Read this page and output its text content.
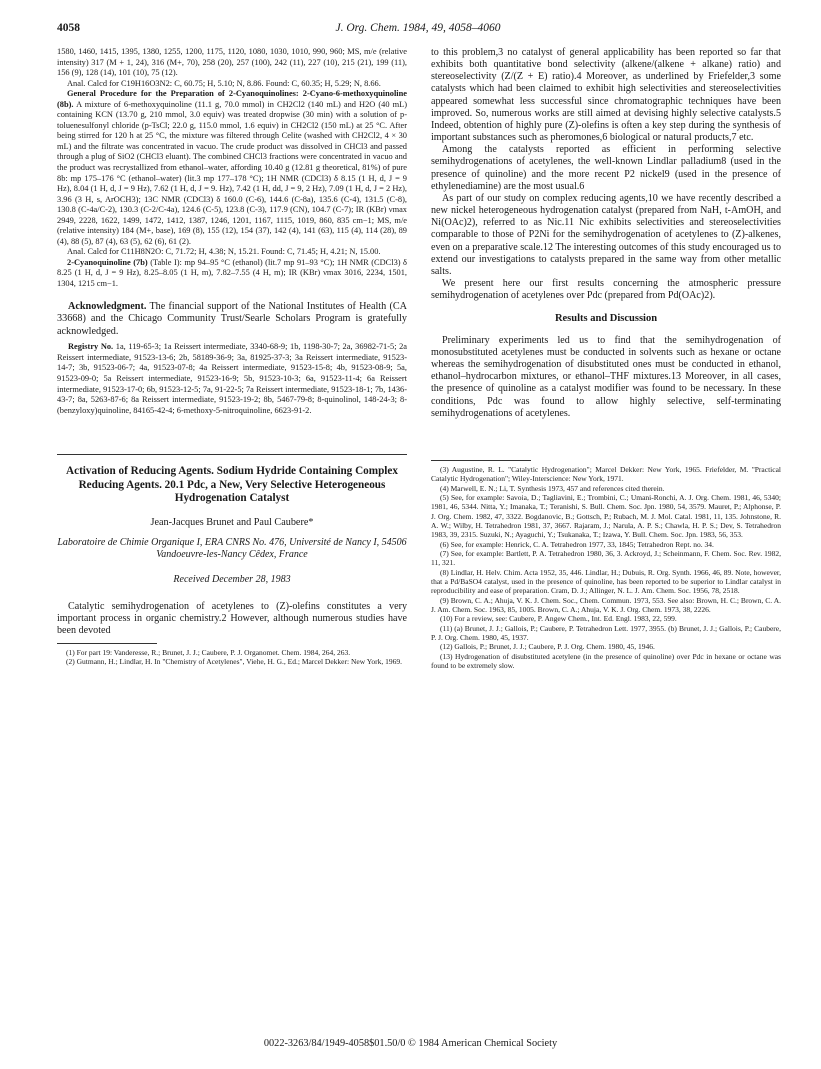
4058	J. Org. Chem. 1984, 49, 4058–4060

1580, 1460, 1415, 1395, 1380, 1255, 1200, 1175, 1120, 1080, 1030, 1010, 990, 960; MS, m/e (relative intensity) 317 (M + 1, 24), 316 (M+, 70), 258 (20), 257 (100), 242 (11), 227 (10), 215 (21), 199 (11), 156 (9), 128 (14), 101 (10), 75 (12).

Anal. Calcd for C19H16O3N2: C, 60.75; H, 5.10; N, 8.86. Found: C, 60.35; H, 5.29; N, 8.66.

General Procedure for the Preparation of 2-Cyanoquinolines: 2-Cyano-6-methoxyquinoline (8b). A mixture of 6-methoxyquinoline (11.1 g, 70.0 mmol) in CH2Cl2 (140 mL) and H2O (40 mL) containing KCN (13.70 g, 210 mmol, 3.0 equiv) was treated dropwise (30 min) with a solution of p-toluenesulfonyl chloride (p-TsCl; 22.0 g, 115.0 mmol, 1.6 equiv) in CH2Cl2 (150 mL) at 25 °C. After being stirred for 120 h at 25 °C, the mixture was filtered through Celite (washed with CH2Cl2, 4 × 30 mL) and the filtrate was concentrated in vacuo. The crude product was dissolved in CHCl3 and passed through a plug of SiO2 (CHCl3 eluant). The combined CHCl3 fractions were concentrated in vacuo and the product was recrystallized from ethanol–water, affording 10.40 g (12.81 g theoretical, 81%) of pure 8b: mp 175–176 °C (ethanol–water) (lit.3 mp 177–178 °C); 1H NMR (CDCl3) δ 8.15 (1 H, d, J = 9 Hz), 8.04 (1 H, d, J = 9 Hz), 7.62 (1 H, d, J = 9. Hz), 7.42 (1 H, dd, J = 9, 2 Hz), 7.09 (1 H, d, J = 2 Hz), 3.96 (3 H, s, ArOCH3); 13C NMR (CDCl3) δ 160.0 (C-6), 144.6 (C-8a), 135.6 (C-4), 131.5 (C-8), 130.8 (C-4a/C-2), 130.3 (C-2/C-4a), 124.6 (C-5), 123.8 (C-3), 117.9 (CN), 104.7 (C-7); IR (KBr) νmax 2949, 2228, 1622, 1499, 1472, 1412, 1387, 1246, 1201, 1167, 1115, 1019, 860, 835 cm−1; MS, m/e (relative intensity) 184 (M+, base), 169 (8), 155 (12), 154 (37), 142 (4), 141 (63), 115 (4), 114 (28), 89 (4), 88 (5), 87 (4), 63 (5), 62 (6), 61 (2).

Anal. Calcd for C11H8N2O: C, 71.72; H, 4.38; N, 15.21. Found: C, 71.45; H, 4.21; N, 15.00.

2-Cyanoquinoline (7b) (Table I): mp 94–95 °C (ethanol) (lit.7 mp 91–93 °C); 1H NMR (CDCl3) δ 8.25 (1 H, d, J = 9 Hz), 8.25–8.05 (1 H, m), 7.82–7.55 (4 H, m); IR (KBr) νmax 3016, 2234, 1501, 1304, 1215 cm−1.

Acknowledgment. The financial support of the National Institutes of Health (CA 33668) and the Chicago Community Trust/Searle Scholars Program is gratefully acknowledged.

Registry No. 1a, 119-65-3; 1a Reissert intermediate, 3340-68-9; 1b, 1198-30-7; 2a, 36982-71-5; 2a Reissert intermediate, 91523-13-6; 2b, 58189-36-9; 3a, 81925-37-3; 3a Reissert intermediate, 91523-14-7; 3b, 91523-06-7; 4a, 91523-07-8; 4a Reissert intermediate, 91523-15-8; 4b, 91523-08-9; 5a, 91523-09-0; 5a Reissert intermediate, 91523-16-9; 5b, 91523-10-3; 6a, 91523-11-4; 6a Reissert intermediate, 91523-17-0; 6b, 91523-12-5; 7a, 91-22-5; 7a Reissert intermediate, 91523-18-1; 7b, 1436-43-7; 8a, 5263-87-6; 8a Reissert intermediate, 91523-19-2; 8b, 5467-79-8; 8-quinolinol, 148-24-3; 8-(benzyloxy)quinoline, 84165-42-4; 6-methoxy-5-nitroquinoline, 6623-91-2.

Activation of Reducing Agents. Sodium Hydride Containing Complex Reducing Agents. 20.1 Pdc, a New, Very Selective Heterogeneous Hydrogenation Catalyst

Jean-Jacques Brunet and Paul Caubere*

Laboratoire de Chimie Organique I, ERA CNRS No. 476, Université de Nancy I, 54506 Vandoeuvre-les-Nancy Cêdex, France

Received December 28, 1983

Catalytic semihydrogenation of acetylenes to (Z)-olefins constitutes a very important process in organic chemistry.2 However, although numerous studies have been devoted

(1) For part 19: Vanderesse, R.; Brunet, J. J.; Caubere, P. J. Organomet. Chem. 1984, 264, 263.

(2) Gutmann, H.; Lindlar, H. In "Chemistry of Acetylenes", Viehe, H. G., Ed.; Marcel Dekker: New York, 1969.

to this problem,3 no catalyst of general applicability has been reported so far that exhibits both quantitative bond selectivity (alkene/(alkene + alkane) ratio) and stereoselectivity (Z/(Z + E) ratio).4 Moreover, as underlined by Friefelder,3 some catalysts which had been claimed to exhibit high selectivities and stereoselectivities appeared somewhat less successful since chromatographic techniques have been improved. So, numerous works are still aimed at devising highly selective catalysts.5 Indeed, obtention of highly pure (Z)-olefins is often a key step during the synthesis of important substances such as pheromones,6 biological or natural products,7 etc.

Among the catalysts reported as efficient in performing selective semihydrogenations of acetylenes, the well-known Lindlar palladium8 (used in the presence of quinoline) and the more recent P2 nickel9 (used in the presence of ethylenediamine) are the most usual.6

As part of our study on complex reducing agents,10 we have recently described a new nickel heterogeneous hydrogenation catalyst (prepared from NaH, t-AmOH, and Ni(OAc)2), referred to as Nic.11 Nic exhibits selectivities and stereoselectivities comparable to those of P2Ni for the semihydrogenation of acetylenes to (Z)-alkenes, even on a preparative scale.12 The interesting outcomes of this study encouraged us to extend our investigations to catalysts prepared in the same way from other metallic salts.

We present here our first results concerning the atmospheric pressure semihydrogenation of acetylenes over Pdc (prepared from Pd(OAc)2).

Results and Discussion

Preliminary experiments led us to find that the semihydrogenation of monosubstituted acetylenes must be conducted in solvents such as hexane or octane whereas the semihydrogenation of disubstituted ones must be conducted in ethanol, ethanol–hydrocarbon mixtures, or ethanol–THF mixtures.13 Moreover, in all cases, the presence of quinoline as a catalyst modifier was found to be necessary. In these conditions, Pdc was found to allow highly selective, self-terminating semihydrogenations of acetylenes.

(3) Augustine, R. L. "Catalytic Hydrogenation"; Marcel Dekker: New York, 1965. Friefelder, M. "Practical Catalytic Hydrogenation"; Wiley-Interscience: New York, 1971.

(4) Marwell, E. N.; Li, T. Synthesis 1973, 457 and references cited therein.

(5) See, for example: Savoia, D.; Tagliavini, E.; Trombini, C.; Umani-Ronchi, A. J. Org. Chem. 1981, 46, 5340; 1981, 46, 5344. Nitta, Y.; Imanaka, T.; Teranishi, S. Bull. Chem. Soc. Jpn. 1980, 54, 3579. Mauret, P.; Alphonse, P. J. Org. Chem. 1982, 47, 3322. Bogdanovic, B.; Gottsch, P.; Rubach, M. J. Mol. Catal. 1981, 11, 135. Johnstone, R. A. W.; Wilby, H. Tetrahedron 1981, 37, 3667. Rajaram, J.; Narula, A. P. S.; Chawla, H. P. S.; Dev, S. Tetrahedron 1983, 39, 2315. Suzuki, N.; Ayaguchi, Y.; Tsukanaka, T.; Izawa, Y. Bull. Chem. Soc. Jpn. 1983, 56, 353.

(6) See, for example: Henrick, C. A. Tetrahedron 1977, 33, 1845; Tetrahedron Rept. no. 34.

(7) See, for example: Bartlett, P. A. Tetrahedron 1980, 36, 3. Ackroyd, J.; Scheinmann, F. Chem. Soc. Rev. 1982, 11, 321.

(8) Lindlar, H. Helv. Chim. Acta 1952, 35, 446. Lindlar, H.; Dubuis, R. Org. Synth. 1966, 46, 89. Note, however, that a Pd/BaSO4 catalyst, used in the presence of quinoline, has been reported to be superior to Lindlar catalyst in reproducibility and ease of preparation. Cram, D. J.; Allinger, N. L. J. Am. Chem. Soc. 1956, 78, 2518.

(9) Brown, C. A.; Ahuja, V. K. J. Chem. Soc., Chem. Commun. 1973, 553. See also: Brown, H. C.; Brown, C. A. J. Am. Chem. Soc. 1963, 85, 1005. Brown, C. A.; Ahuja, V. K. J. Org. Chem. 1973, 38, 2226.

(10) For a review, see: Caubere, P. Angew Chem., Int. Ed. Engl. 1983, 22, 599.

(11) (a) Brunet, J. J.; Gallois, P.; Caubere, P. Tetrahedron Lett. 1977, 3955. (b) Brunet, J. J.; Gallois, P.; Caubere, P. J. Org. Chem. 1980, 45, 1937.

(12) Gallois, P.; Brunet, J. J.; Caubere, P. J. Org. Chem. 1980, 45, 1946.

(13) Hydrogenation of disubstituted acetylene (in the presence of quinoline) over Pdc in hexane or octane was found to be extremely slow.

0022-3263/84/1949-4058$01.50/0 © 1984 American Chemical Society
